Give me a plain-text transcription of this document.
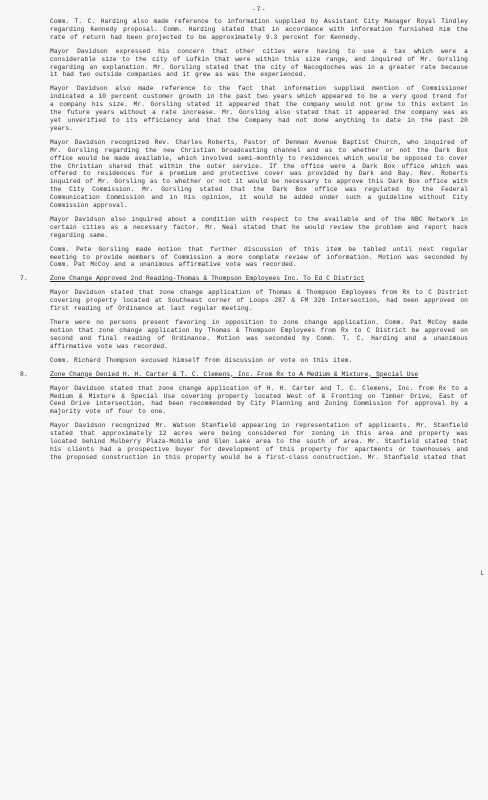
-7-

Comm. T. C. Harding also made reference to information supplied by Assistant City Manager Royal Tindley regarding Kennedy proposal. Comm. Harding stated that in accordance with information furnished him the rate of return had been projected to be approximately 9.3 percent for Kennedy.

Mayor Davidson expressed his concern that other cities were having to use a tax which were a considerable size to the city of Lufkin that were within this size range, and inquired of Mr. Gorsling regarding an explanation. Mr. Gorsling stated that the city of Nacogdoches was in a greater rate because it had two outside companies and it grew as was the experienced.

Mayor Davidson also made reference to the fact that information supplied mention of Commissioner indicated a 10 percent customer growth in the past two years which appeared to be a very good trend for a company his size. Mr. Gorsling stated it appeared that the company would not grow to this extent in the future years without a rate increase. Mr. Gorsling also stated that it appeared the company was as yet unverified to its efficiency and that the Company had not done anything to date in the past 20 years.

Mayor Davidson recognized Rev. Charles Roberts, Pastor of Denman Avenue Baptist Church, who inquired of Mr. Gorsling regarding the new Christian broadcasting channel and as to whether or not the Dark Box office would be made available, which involved semi-monthly to residences which would be opposed to cover the Christian shared that within the outer service. If the office were a Dark Box office which was offered to residences for a premium and protective cover was provided by Dark and Bay. Rev. Roberts inquired of Mr. Gorsling as to whether or not it would be necessary to approve this Dark Box office with the City Commission. Mr. Gorsling stated that the Dark Box office was regulated by the Federal Communication Commission and in his opinion, it would be added under such a guideline without City Commission approval.

Mayor Davidson also inquired about a condition with respect to the available and of the NBC Network in certain cities as a necessary factor. Mr. Neal stated that he would review the problem and report back regarding same.

Comm. Pete Gorsling made motion that further discussion of this item be tabled until next regular meeting to provide members of Commission a more complete review of information. Motion was seconded by Comm. Pat McCoy and a unanimous affirmative vote was recorded.

7.	Zone Change Approved 2nd Reading-Thomas & Thompson Employees Inc. To Ed C District

Mayor Davidson stated that zone change application of Thomas & Thompson Employees from Rx to C District covering property located at Southeast corner of Loops 287 & FM 326 Intersection, had been approved on first reading of Ordinance at last regular meeting.

There were no persons present favoring in opposition to zone change application. Comm. Pat McCoy made motion that zone change application by Thomas & Thompson Employees from Rx to C District be approved on second and final reading of Ordinance. Motion was seconded by Comm. T. C. Harding and a unanimous affirmative vote was recorded.

Comm. Richard Thompson excused himself from discussion or vote on this item.

8.	Zone Change Denied H. H. Carter & T. C. Clemens, Inc. From Rx to A Medium & Mixture, Special Use

Mayor Davidson stated that zone change application of H. H. Carter and T. C. Clemens, Inc. from Rx to a Medium & Mixture & Special Use covering property located West of & Fronting on Timber Drive, East of Ceed Drive intersection, had been recommended by City Planning and Zoning Commission for approval by a majority vote of four to one.

Mayor Davidson recognized Mr. Watson Stanfield appearing in representation of applicants. Mr. Stanfield stated that approximately 12 acres were being considered for zoning in this area and property was located behind Mulberry Plaza-Mobile and Glen Lake area to the south of area. Mr. Stanfield stated that his clients had a prospective buyer for development of this property for apartments or townhouses and the proposed construction in this property would be a first-class construction. Mr. Stanfield stated that

L
